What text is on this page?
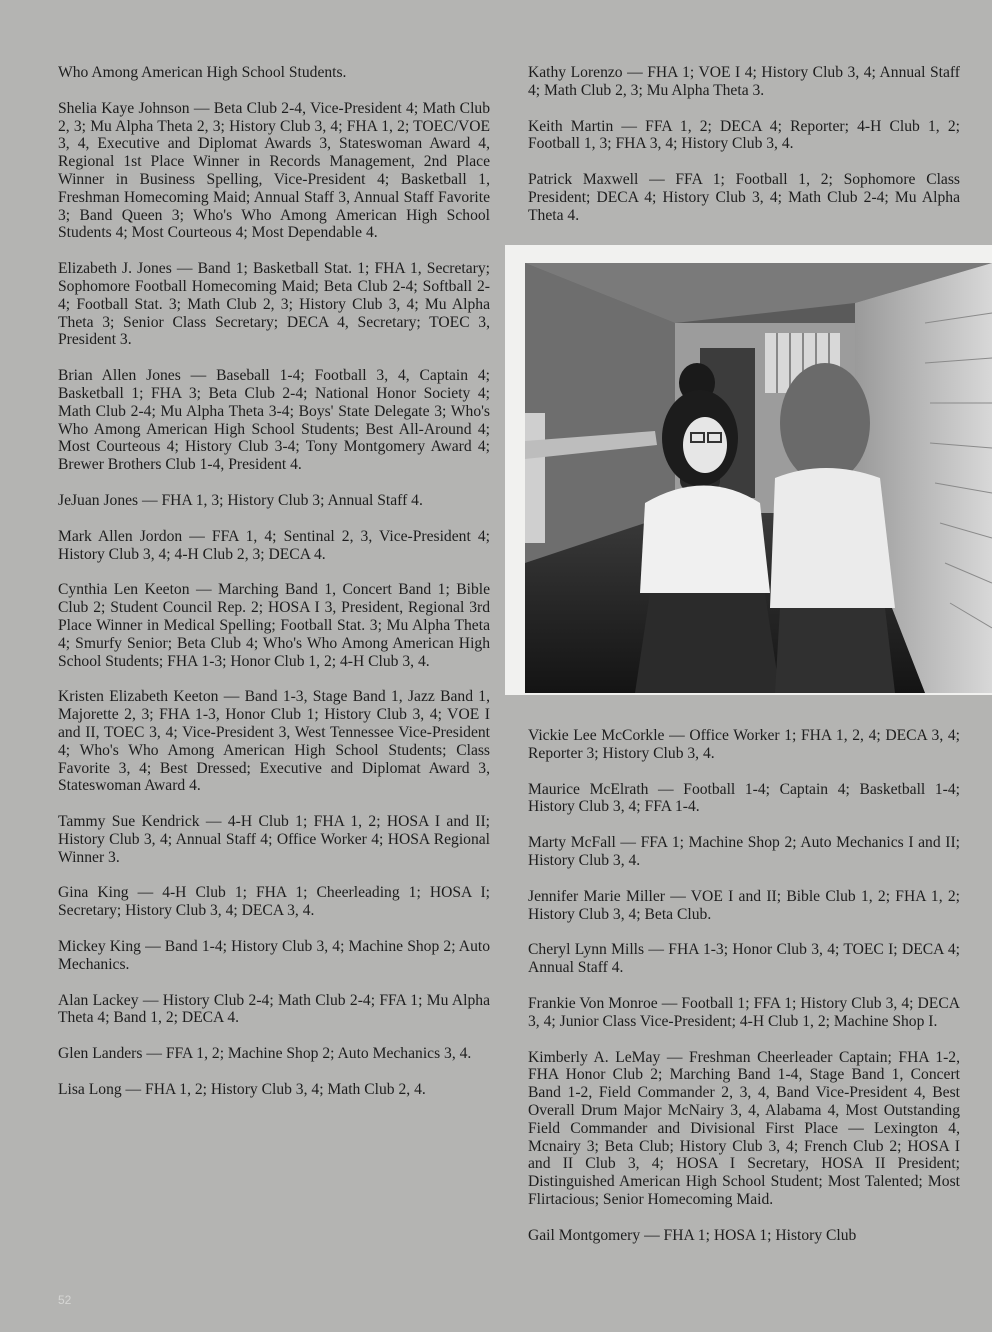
Who Among American High School Students.

Shelia Kaye Johnson — Beta Club 2-4, Vice-President 4; Math Club 2, 3; Mu Alpha Theta 2, 3; History Club 3, 4; FHA 1, 2; TOEC/VOE 3, 4, Executive and Diplomat Awards 3, Stateswoman Award 4, Regional 1st Place Winner in Records Management, 2nd Place Winner in Business Spelling, Vice-President 4; Basketball 1, Freshman Homecoming Maid; Annual Staff 3, Annual Staff Favorite 3; Band Queen 3; Who's Who Among American High School Students 4; Most Courteous 4; Most Dependable 4.

Elizabeth J. Jones — Band 1; Basketball Stat. 1; FHA 1, Secretary; Sophomore Football Homecoming Maid; Beta Club 2-4; Softball 2-4; Football Stat. 3; Math Club 2, 3; History Club 3, 4; Mu Alpha Theta 3; Senior Class Secretary; DECA 4, Secretary; TOEC 3, President 3.

Brian Allen Jones — Baseball 1-4; Football 3, 4, Captain 4; Basketball 1; FHA 3; Beta Club 2-4; National Honor Society 4; Math Club 2-4; Mu Alpha Theta 3-4; Boys' State Delegate 3; Who's Who Among American High School Students; Best All-Around 4; Most Courteous 4; History Club 3-4; Tony Montgomery Award 4; Brewer Brothers Club 1-4, President 4.

JeJuan Jones — FHA 1, 3; History Club 3; Annual Staff 4.

Mark Allen Jordon — FFA 1, 4; Sentinal 2, 3, Vice-President 4; History Club 3, 4; 4-H Club 2, 3; DECA 4.

Cynthia Len Keeton — Marching Band 1, Concert Band 1; Bible Club 2; Student Council Rep. 2; HOSA I 3, President, Regional 3rd Place Winner in Medical Spelling; Football Stat. 3; Mu Alpha Theta 4; Smurfy Senior; Beta Club 4; Who's Who Among American High School Students; FHA 1-3; Honor Club 1, 2; 4-H Club 3, 4.

Kristen Elizabeth Keeton — Band 1-3, Stage Band 1, Jazz Band 1, Majorette 2, 3; FHA 1-3, Honor Club 1; History Club 3, 4; VOE I and II, TOEC 3, 4; Vice-President 3, West Tennessee Vice-President 4; Who's Who Among American High School Students; Class Favorite 3, 4; Best Dressed; Executive and Diplomat Award 3, Stateswoman Award 4.

Tammy Sue Kendrick — 4-H Club 1; FHA 1, 2; HOSA I and II; History Club 3, 4; Annual Staff 4; Office Worker 4; HOSA Regional Winner 3.

Gina King — 4-H Club 1; FHA 1; Cheerleading 1; HOSA I; Secretary; History Club 3, 4; DECA 3, 4.

Mickey King — Band 1-4; History Club 3, 4; Machine Shop 2; Auto Mechanics.

Alan Lackey — History Club 2-4; Math Club 2-4; FFA 1; Mu Alpha Theta 4; Band 1, 2; DECA 4.

Glen Landers — FFA 1, 2; Machine Shop 2; Auto Mechanics 3, 4.

Lisa Long — FHA 1, 2; History Club 3, 4; Math Club 2, 4.

Kathy Lorenzo — FHA 1; VOE I 4; History Club 3, 4; Annual Staff 4; Math Club 2, 3; Mu Alpha Theta 3.

Keith Martin — FFA 1, 2; DECA 4; Reporter; 4-H Club 1, 2; Football 1, 3; FHA 3, 4; History Club 3, 4.

Patrick Maxwell — FFA 1; Football 1, 2; Sophomore Class President; DECA 4; History Club 3, 4; Math Club 2-4; Mu Alpha Theta 4.

Vickie Lee McCorkle — Office Worker 1; FHA 1, 2, 4; DECA 3, 4; Reporter 3; History Club 3, 4.

Maurice McElrath — Football 1-4; Captain 4; Basketball 1-4; History Club 3, 4; FFA 1-4.

Marty McFall — FFA 1; Machine Shop 2; Auto Mechanics I and II; History Club 3, 4.

Jennifer Marie Miller — VOE I and II; Bible Club 1, 2; FHA 1, 2; History Club 3, 4; Beta Club.

Cheryl Lynn Mills — FHA 1-3; Honor Club 3, 4; TOEC I; DECA 4; Annual Staff 4.

Frankie Von Monroe — Football 1; FFA 1; History Club 3, 4; DECA 3, 4; Junior Class Vice-President; 4-H Club 1, 2; Machine Shop I.

Kimberly A. LeMay — Freshman Cheerleader Captain; FHA 1-2, FHA Honor Club 2; Marching Band 1-4, Stage Band 1, Concert Band 1-2, Field Commander 2, 3, 4, Band Vice-President 4, Best Overall Drum Major McNairy 3, 4, Alabama 4, Most Outstanding Field Commander and Divisional First Place — Lexington 4, Mcnairy 3; Beta Club; History Club 3, 4; French Club 2; HOSA I and II Club 3, 4; HOSA I Secretary, HOSA II President; Distinguished American High School Student; Most Talented; Most Flirtacious; Senior Homecoming Maid.

Gail Montgomery — FHA 1; HOSA 1; History Club

52
